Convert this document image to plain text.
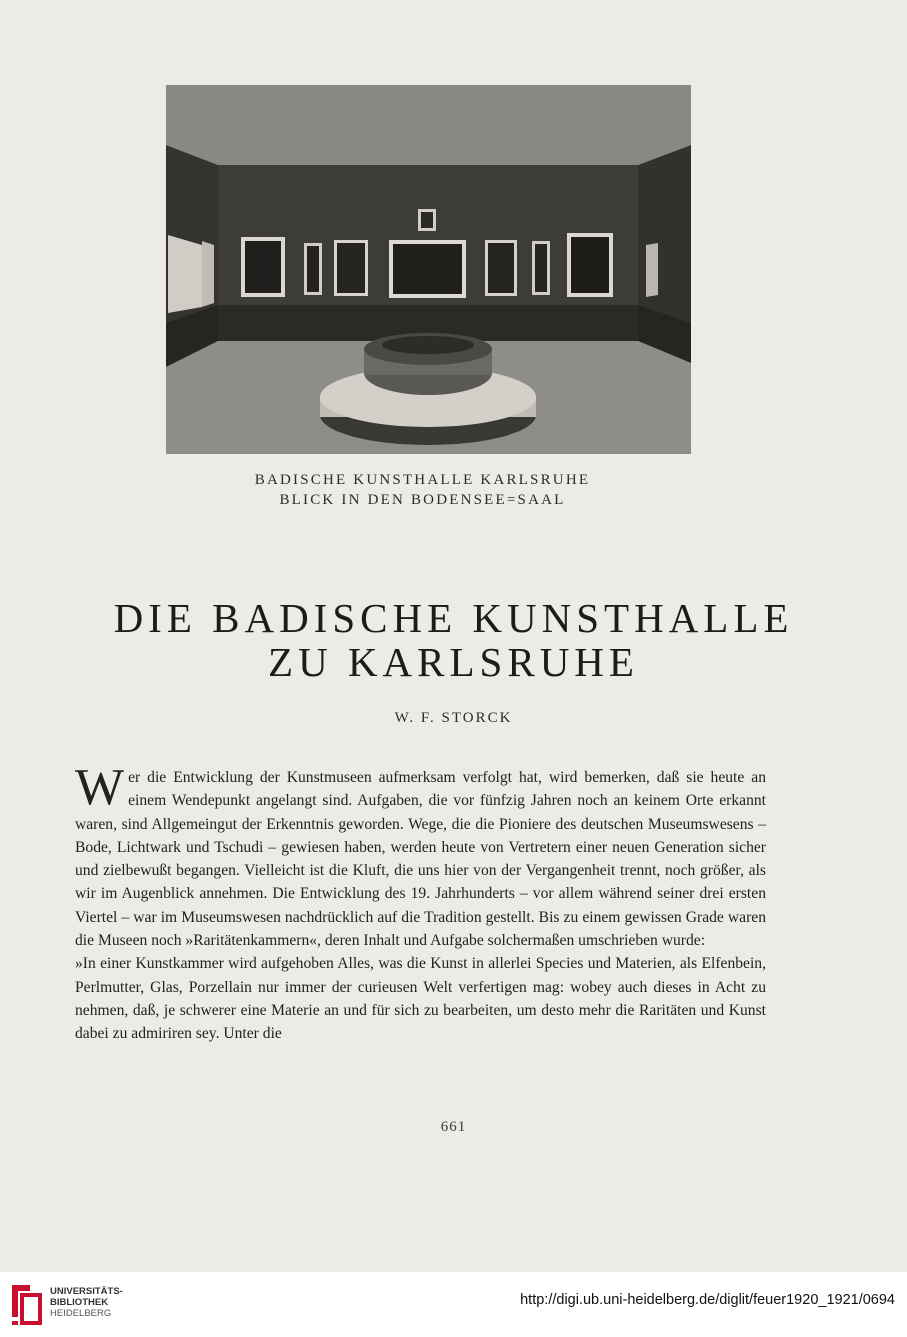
BADISCHE KUNSTHALLE KARLSRUHE
BLICK IN DEN BODENSEE=SAAL
DIE BADISCHE KUNSTHALLE
ZU KARLSRUHE
W. F. STORCK

Wer die Entwicklung der Kunstmuseen aufmerksam verfolgt hat, wird bemerken, daß sie heute an einem Wendepunkt angelangt sind. Aufgaben, die vor fünfzig Jahren noch an keinem Orte erkannt waren, sind Allgemeingut der Erkenntnis geworden. Wege, die die Pioniere des deutschen Museumswesens – Bode, Lichtwark und Tschudi – gewiesen haben, werden heute von Vertretern einer neuen Generation sicher und zielbewußt begangen. Vielleicht ist die Kluft, die uns hier von der Vergangenheit trennt, noch größer, als wir im Augenblick annehmen. Die Entwicklung des 19. Jahrhunderts – vor allem während seiner drei ersten Viertel – war im Museumswesen nachdrücklich auf die Tradition gestellt. Bis zu einem gewissen Grade waren die Museen noch »Raritätenkammern«, deren Inhalt und Aufgabe solchermaßen umschrieben wurde:

»In einer Kunstkammer wird aufgehoben Alles, was die Kunst in allerlei Species und Materien, als Elfenbein, Perlmutter, Glas, Porzellain nur immer der curieusen Welt verfertigen mag: wobey auch dieses in Acht zu nehmen, daß, je schwerer eine Materie an und für sich zu bearbeiten, um desto mehr die Raritäten und Kunst dabei zu admiriren sey. Unter die

661
UNIVERSITÄTS-
BIBLIOTHEK
HEIDELBERG
http://digi.ub.uni-heidelberg.de/diglit/feuer1920_1921/0694
